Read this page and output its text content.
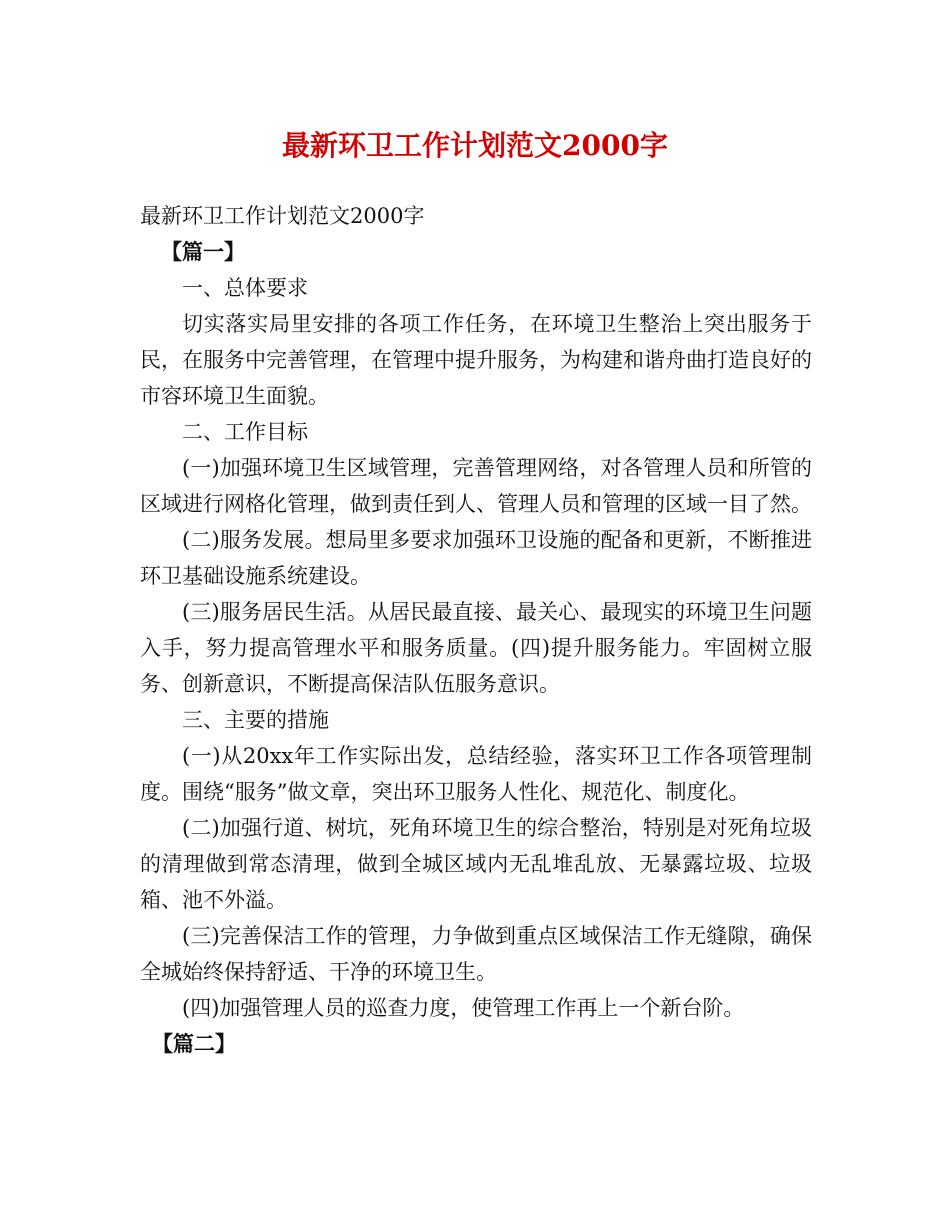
最新环卫工作计划范文2000字

最新环卫工作计划范文2000字

【篇一】

一、总体要求

切实落实局里安排的各项工作任务，在环境卫生整治上突出服务于民，在服务中完善管理，在管理中提升服务，为构建和谐舟曲打造良好的市容环境卫生面貌。

二、工作目标

(一)加强环境卫生区域管理，完善管理网络，对各管理人员和所管的区域进行网格化管理，做到责任到人、管理人员和管理的区域一目了然。

(二)服务发展。想局里多要求加强环卫设施的配备和更新，不断推进环卫基础设施系统建设。

(三)服务居民生活。从居民最直接、最关心、最现实的环境卫生问题入手，努力提高管理水平和服务质量。(四)提升服务能力。牢固树立服务、创新意识，不断提高保洁队伍服务意识。

三、主要的措施

(一)从20xx年工作实际出发，总结经验，落实环卫工作各项管理制度。围绕“服务”做文章，突出环卫服务人性化、规范化、制度化。

(二)加强行道、树坑，死角环境卫生的综合整治，特别是对死角垃圾的清理做到常态清理，做到全城区域内无乱堆乱放、无暴露垃圾、垃圾箱、池不外溢。

(三)完善保洁工作的管理，力争做到重点区域保洁工作无缝隙，确保全城始终保持舒适、干净的环境卫生。

(四)加强管理人员的巡查力度，使管理工作再上一个新台阶。

【篇二】
